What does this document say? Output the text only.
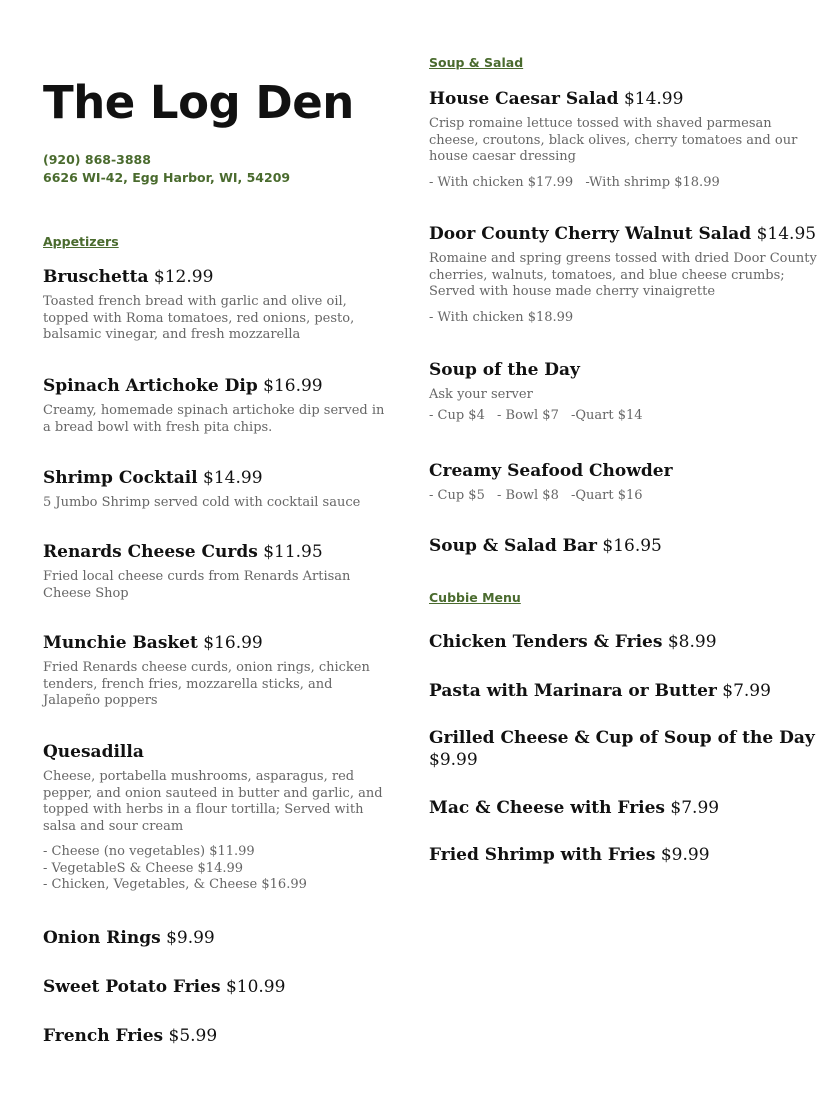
The Log Den
(920) 868-3888
6626 WI-42, Egg Harbor, WI, 54209
Appetizers
Bruschetta $12.99
Toasted french bread with garlic and olive oil, topped with Roma tomatoes, red onions, pesto, balsamic vinegar, and fresh mozzarella
Spinach Artichoke Dip $16.99
Creamy, homemade spinach artichoke dip served in a bread bowl with fresh pita chips.
Shrimp Cocktail $14.99
5 Jumbo Shrimp served cold with cocktail sauce
Renards Cheese Curds $11.95
Fried local cheese curds from Renards Artisan Cheese Shop
Munchie Basket $16.99
Fried Renards cheese curds, onion rings, chicken tenders, french fries, mozzarella sticks, and Jalapeño poppers
Quesadilla
Cheese, portabella mushrooms, asparagus, red pepper, and onion sauteed in butter and garlic, and topped with herbs in a flour tortilla; Served with salsa and sour cream
- Cheese (no vegetables) $11.99
- VegetableS & Cheese $14.99
- Chicken, Vegetables, & Cheese $16.99
Onion Rings $9.99
Sweet Potato Fries $10.99
French Fries $5.99
Soup & Salad
House Caesar Salad $14.99
Crisp romaine lettuce tossed with shaved parmesan cheese, croutons, black olives, cherry tomatoes and our house caesar dressing
- With chicken $17.99 -With shrimp $18.99
Door County Cherry Walnut Salad $14.95
Romaine and spring greens tossed with dried Door County cherries, walnuts, tomatoes, and blue cheese crumbs; Served with house made cherry vinaigrette
- With chicken $18.99
Soup of the Day
Ask your server
- Cup $4 - Bowl $7 -Quart $14
Creamy Seafood Chowder
- Cup $5 - Bowl $8 -Quart $16
Soup & Salad Bar $16.95
Cubbie Menu
Chicken Tenders & Fries $8.99
Pasta with Marinara or Butter $7.99
Grilled Cheese & Cup of Soup of the Day $9.99
Mac & Cheese with Fries $7.99
Fried Shrimp with Fries $9.99
